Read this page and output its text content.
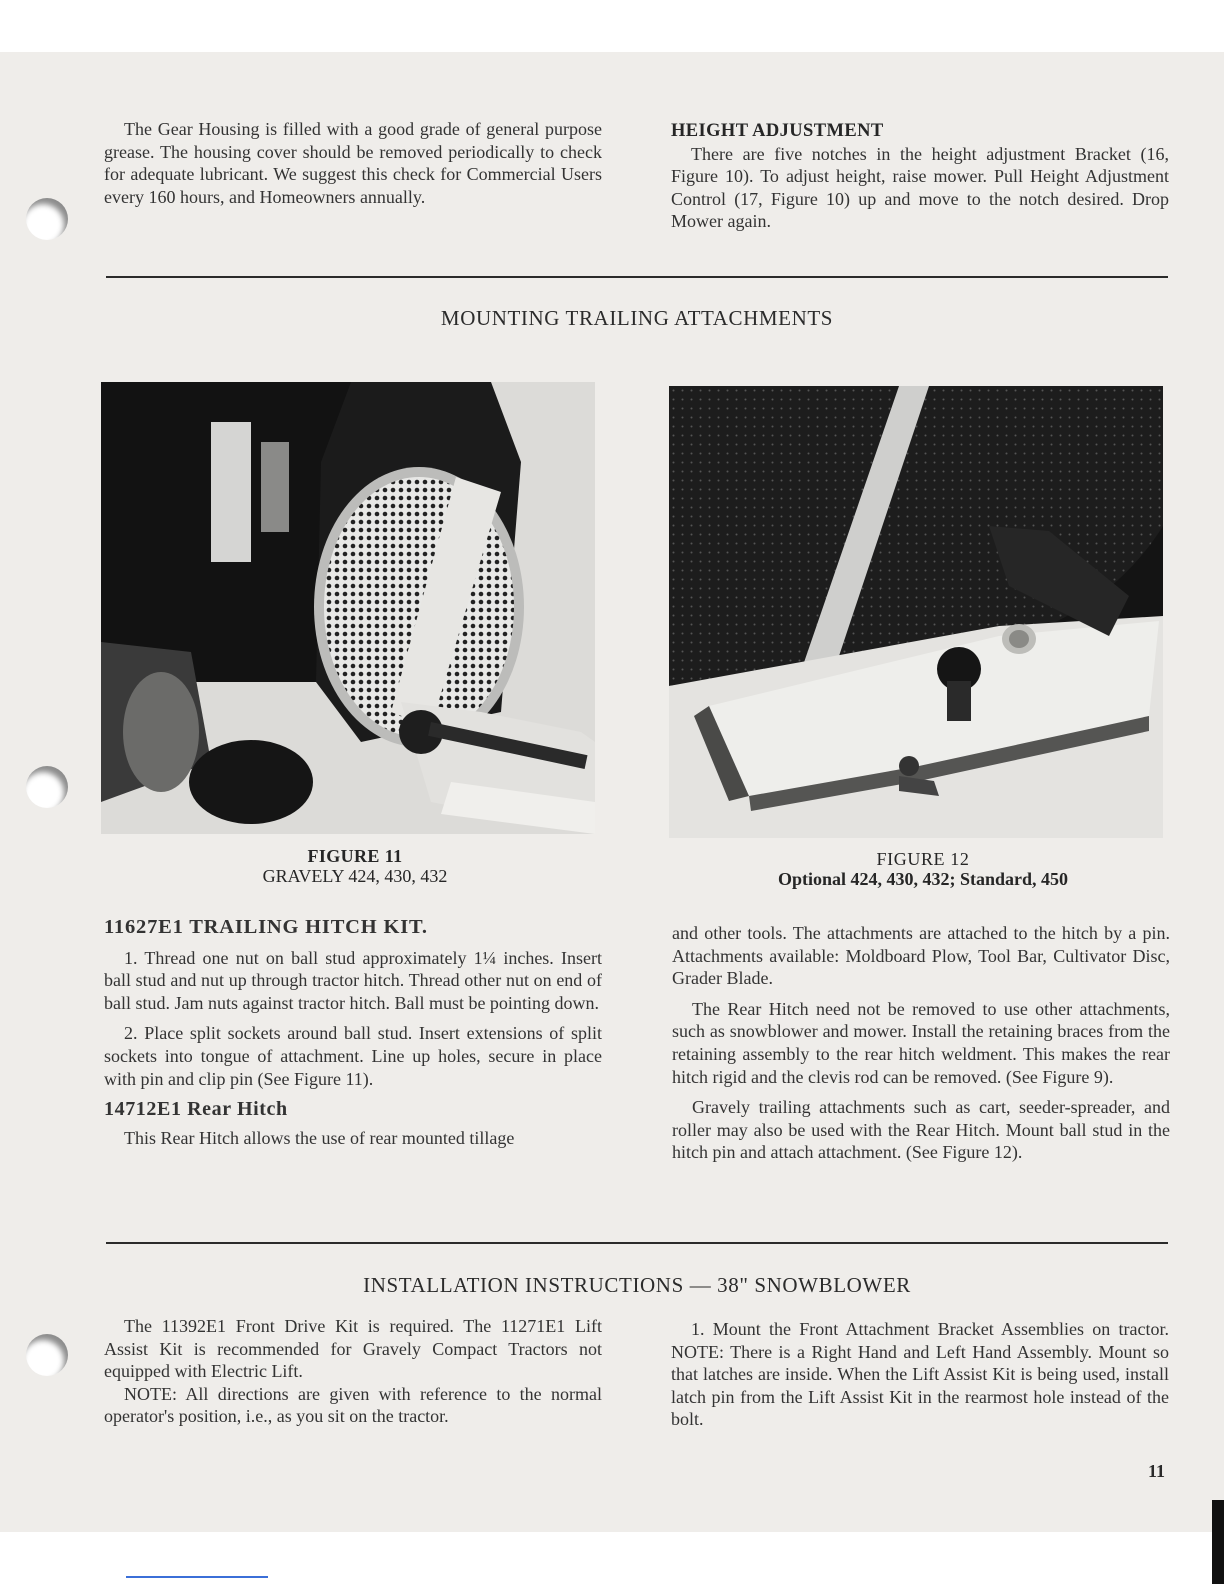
The Gear Housing is filled with a good grade of general purpose grease. The housing cover should be removed periodically to check for adequate lubricant. We suggest this check for Commercial Users every 160 hours, and Homeowners annually.

HEIGHT ADJUSTMENT

There are five notches in the height adjustment Bracket (16, Figure 10). To adjust height, raise mower. Pull Height Adjustment Control (17, Figure 10) up and move to the notch desired. Drop Mower again.

MOUNTING TRAILING ATTACHMENTS
FIGURE 11
GRAVELY 424, 430, 432
FIGURE 12
Optional 424, 430, 432; Standard, 450
11627E1 TRAILING HITCH KIT.

1. Thread one nut on ball stud approximately 1¼ inches. Insert ball stud and nut up through tractor hitch. Thread other nut on end of ball stud. Jam nuts against tractor hitch. Ball must be pointing down.

2. Place split sockets around ball stud. Insert extensions of split sockets into tongue of attachment. Line up holes, secure in place with pin and clip pin (See Figure 11).

14712E1 Rear Hitch

This Rear Hitch allows the use of rear mounted tillage

and other tools. The attachments are attached to the hitch by a pin. Attachments available: Moldboard Plow, Tool Bar, Cultivator Disc, Grader Blade.

The Rear Hitch need not be removed to use other attachments, such as snowblower and mower. Install the retaining braces from the retaining assembly to the rear hitch weldment. This makes the rear hitch rigid and the clevis rod can be removed. (See Figure 9).

Gravely trailing attachments such as cart, seeder-spreader, and roller may also be used with the Rear Hitch. Mount ball stud in the hitch pin and attach attachment. (See Figure 12).

INSTALLATION INSTRUCTIONS — 38" SNOWBLOWER

The 11392E1 Front Drive Kit is required. The 11271E1 Lift Assist Kit is recommended for Gravely Compact Tractors not equipped with Electric Lift.

NOTE: All directions are given with reference to the normal operator's position, i.e., as you sit on the tractor.

1. Mount the Front Attachment Bracket Assemblies on tractor. NOTE: There is a Right Hand and Left Hand Assembly. Mount so that latches are inside. When the Lift Assist Kit is being used, install latch pin from the Lift Assist Kit in the rearmost hole instead of the bolt.

11
